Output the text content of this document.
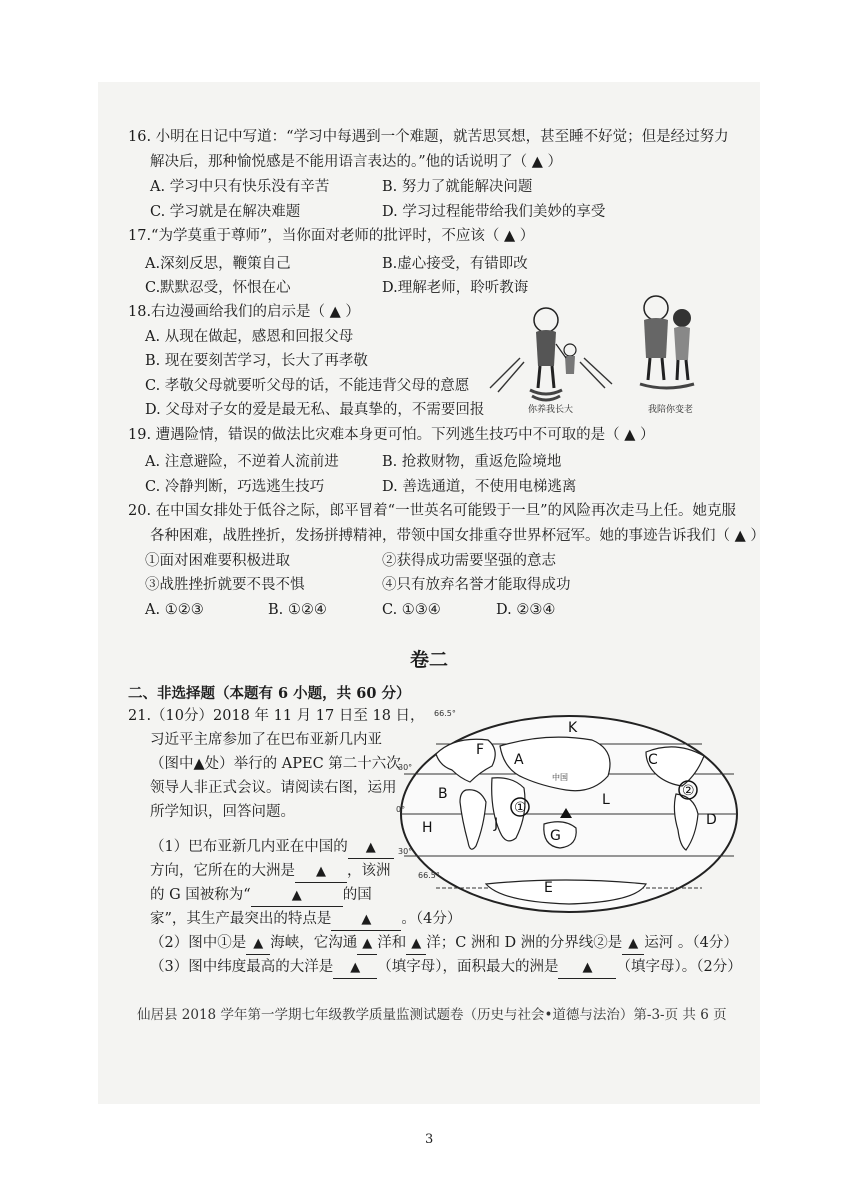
16. 小明在日记中写道：“学习中每遇到一个难题，就苦思冥想，甚至睡不好觉；但是经过努力
解决后，那种愉悦感是不能用语言表达的。”他的话说明了（ ▲ ）
A. 学习中只有快乐没有辛苦	B. 努力了就能解决问题
C. 学习就是在解决难题	D. 学习过程能带给我们美妙的享受
17.“为学莫重于尊师”，当你面对老师的批评时，不应该（ ▲ ）
A.深刻反思，鞭策自己	B.虚心接受，有错即改
C.默默忍受，怀恨在心	D.理解老师，聆听教诲
18.右边漫画给我们的启示是（ ▲ ）
A. 从现在做起，感恩和回报父母
B. 现在要刻苦学习，长大了再孝敬
C. 孝敬父母就要听父母的话，不能违背父母的意愿
D. 父母对子女的爱是最无私、最真挚的，不需要回报	你养我长大	我陪你变老
19. 遭遇险情，错误的做法比灾难本身更可怕。下列逃生技巧中不可取的是（ ▲ ）
A. 注意避险，不逆着人流前进	B. 抢救财物，重返危险境地
C. 冷静判断，巧选逃生技巧	D. 善选通道，不使用电梯逃离
20. 在中国女排处于低谷之际，郎平冒着“一世英名可能毁于一旦”的风险再次走马上任。她克服
各种困难，战胜挫折，发扬拼搏精神，带领中国女排重夺世界杯冠军。她的事迹告诉我们（ ▲ ）
①面对困难要积极进取	②获得成功需要坚强的意志
③战胜挫折就要不畏不惧	④只有放弃名誉才能取得成功
A. ①②③	B. ①②④	C. ①③④	D. ②③④
卷二
二、非选择题（本题有 6 小题，共 60 分）
21.（10分）2018 年 11 月 17 日至 18 日，
习近平主席参加了在巴布亚新几内亚
（图中▲处）举行的 APEC 第二十六次
领导人非正式会议。请阅读右图，运用
所学知识，回答问题。
（1）巴布亚新几内亚在中国的 ▲
方向，它所在的大洲是 ▲ ，该洲
的 G 国被称为“	▲	的国
家”，其生产最突出的特点是 ▲ 。（4分）
（2）图中①是 ▲ 海峡，它沟通 ▲ 洋和 ▲ 洋；C 洲和 D 洲的分界线②是 ▲ 运河 。（4分）
（3）图中纬度最高的大洋是 ▲ （填字母），面积最大的洲是 ▲ （填字母）。（2分）
①
②
K
F
A	C
B	L
H	J
G
D
E
中国
66.5°
30°
0°
30°
66.5°
仙居县 2018 学年第一学期七年级教学质量监测试题卷（历史与社会•道德与法治）第-3-页 共 6 页
3
